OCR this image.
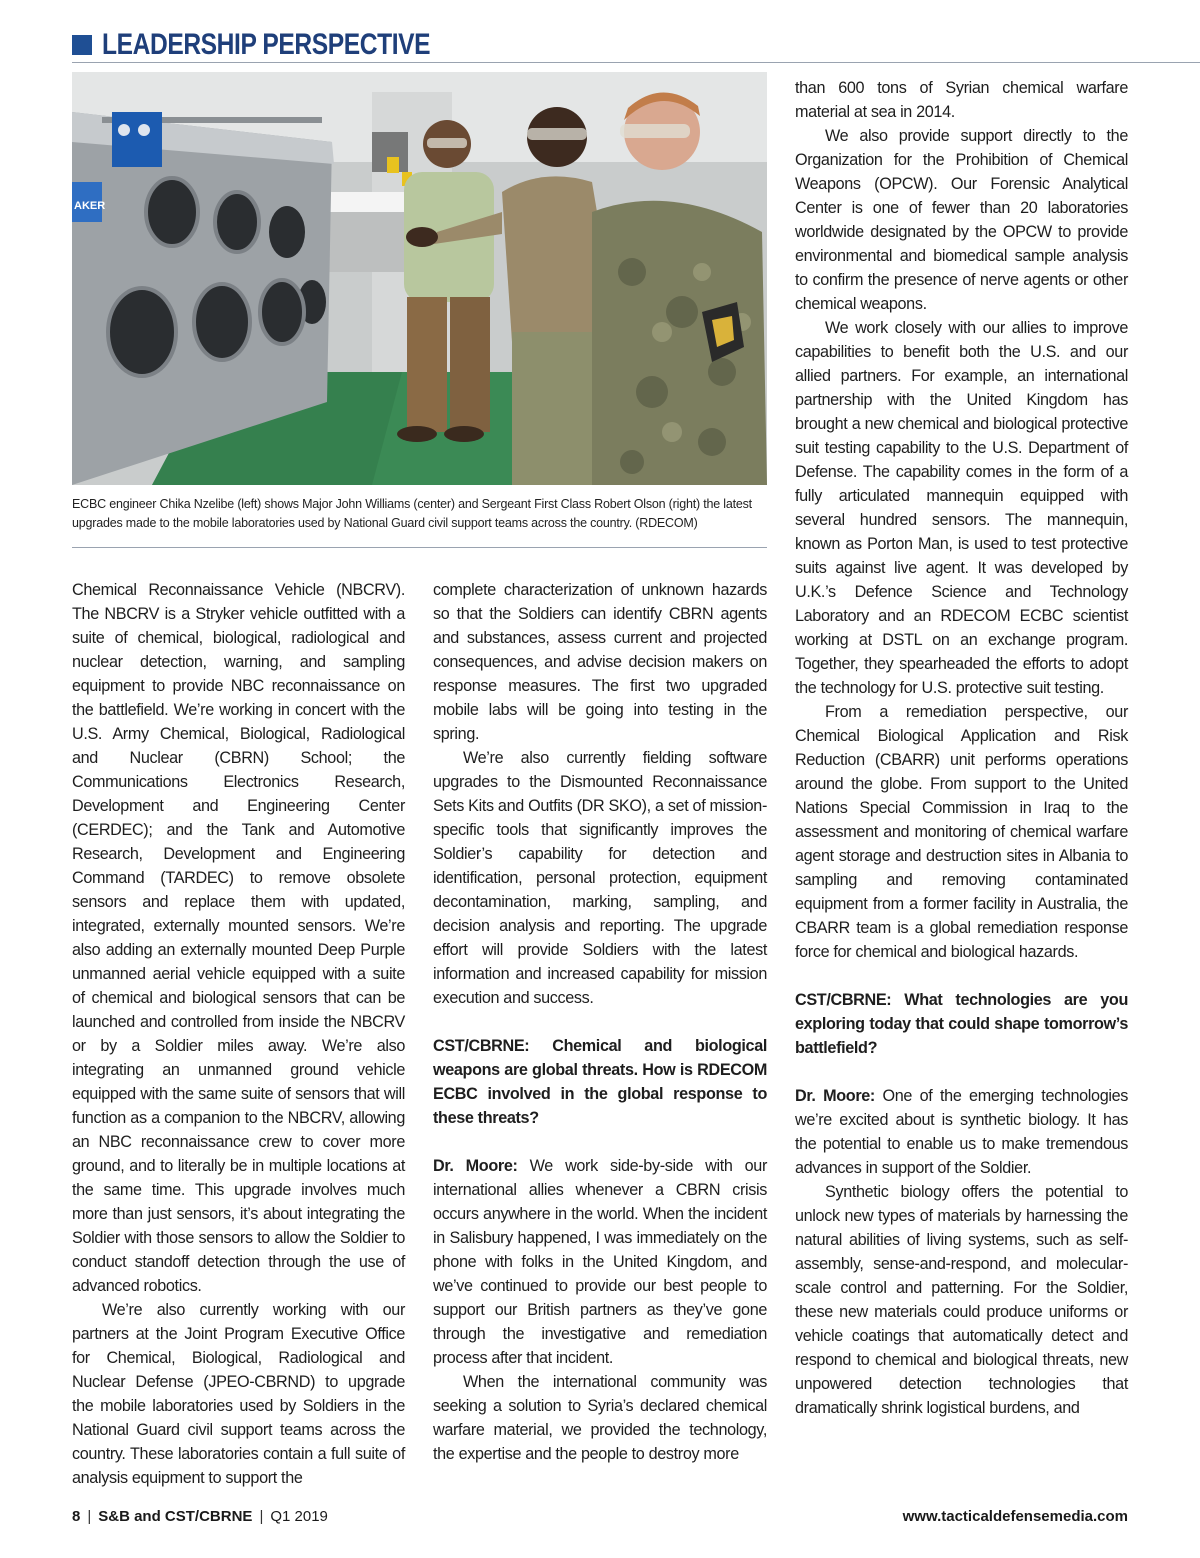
LEADERSHIP PERSPECTIVE
AKER
ECBC engineer Chika Nzelibe (left) shows Major John Williams (center) and Sergeant First Class Robert Olson (right) the latest upgrades made to the mobile laboratories used by National Guard civil support teams across the country. (RDECOM)

Chemical Reconnaissance Vehicle (NBCRV). The NBCRV is a Stryker vehicle outfitted with a suite of chemical, biological, radiological and nuclear detection, warning, and sampling equipment to provide NBC reconnaissance on the battlefield. We’re working in concert with the U.S. Army Chemical, Biological, Radiological and Nuclear (CBRN) School; the Communications Electronics Research, Development and Engineering Center (CERDEC); and the Tank and Automotive Research, Development and Engineering Command (TARDEC) to remove obsolete sensors and replace them with updated, integrated, externally mounted sensors. We’re also adding an externally mounted Deep Purple unmanned aerial vehicle equipped with a suite of chemical and biological sensors that can be launched and controlled from inside the NBCRV or by a Soldier miles away. We’re also integrating an unmanned ground vehicle equipped with the same suite of sensors that will function as a companion to the NBCRV, allowing an NBC reconnaissance crew to cover more ground, and to literally be in multiple locations at the same time. This upgrade involves much more than just sensors, it’s about integrating the Soldier with those sensors to allow the Soldier to conduct standoff detection through the use of advanced robotics.

We’re also currently working with our partners at the Joint Program Executive Office for Chemical, Biological, Radiological and Nuclear Defense (JPEO-CBRND) to upgrade the mobile laboratories used by Soldiers in the National Guard civil support teams across the country. These laboratories contain a full suite of analysis equipment to support the

complete characterization of unknown hazards so that the Soldiers can identify CBRN agents and substances, assess current and projected consequences, and advise decision makers on response measures. The first two upgraded mobile labs will be going into testing in the spring.

We’re also currently fielding software upgrades to the Dismounted Reconnaissance Sets Kits and Outfits (DR SKO), a set of mission-specific tools that significantly improves the Soldier’s capability for detection and identification, personal protection, equipment decontamination, marking, sampling, and decision analysis and reporting. The upgrade effort will provide Soldiers with the latest information and increased capability for mission execution and success.

CST/CBRNE: Chemical and biological weapons are global threats. How is RDECOM ECBC involved in the global response to these threats?

Dr. Moore: We work side-by-side with our international allies whenever a CBRN crisis occurs anywhere in the world. When the incident in Salisbury happened, I was immediately on the phone with folks in the United Kingdom, and we’ve continued to provide our best people to support our British partners as they’ve gone through the investigative and remediation process after that incident.

When the international community was seeking a solution to Syria’s declared chemical warfare material, we provided the technology, the expertise and the people to destroy more

than 600 tons of Syrian chemical warfare material at sea in 2014.

We also provide support directly to the Organization for the Prohibition of Chemical Weapons (OPCW). Our Forensic Analytical Center is one of fewer than 20 laboratories worldwide designated by the OPCW to provide environmental and biomedical sample analysis to confirm the presence of nerve agents or other chemical weapons.

We work closely with our allies to improve capabilities to benefit both the U.S. and our allied partners. For example, an international partnership with the United Kingdom has brought a new chemical and biological protective suit testing capability to the U.S. Department of Defense. The capability comes in the form of a fully articulated mannequin equipped with several hundred sensors. The mannequin, known as Porton Man, is used to test protective suits against live agent. It was developed by U.K.’s Defence Science and Technology Laboratory and an RDECOM ECBC scientist working at DSTL on an exchange program. Together, they spearheaded the efforts to adopt the technology for U.S. protective suit testing.

From a remediation perspective, our Chemical Biological Application and Risk Reduction (CBARR) unit performs operations around the globe. From support to the United Nations Special Commission in Iraq to the assessment and monitoring of chemical warfare agent storage and destruction sites in Albania to sampling and removing contaminated equipment from a former facility in Australia, the CBARR team is a global remediation response force for chemical and biological hazards.

CST/CBRNE: What technologies are you exploring today that could shape tomorrow’s battlefield?

Dr. Moore: One of the emerging technologies we’re excited about is synthetic biology. It has the potential to enable us to make tremendous advances in support of the Soldier.

Synthetic biology offers the potential to unlock new types of materials by harnessing the natural abilities of living systems, such as self-assembly, sense-and-respond, and molecular-scale control and patterning. For the Soldier, these new materials could produce uniforms or vehicle coatings that automatically detect and respond to chemical and biological threats, new unpowered detection technologies that dramatically shrink logistical burdens, and

8 | S&B and CST/CBRNE | Q1 2019	www.tacticaldefensemedia.com
